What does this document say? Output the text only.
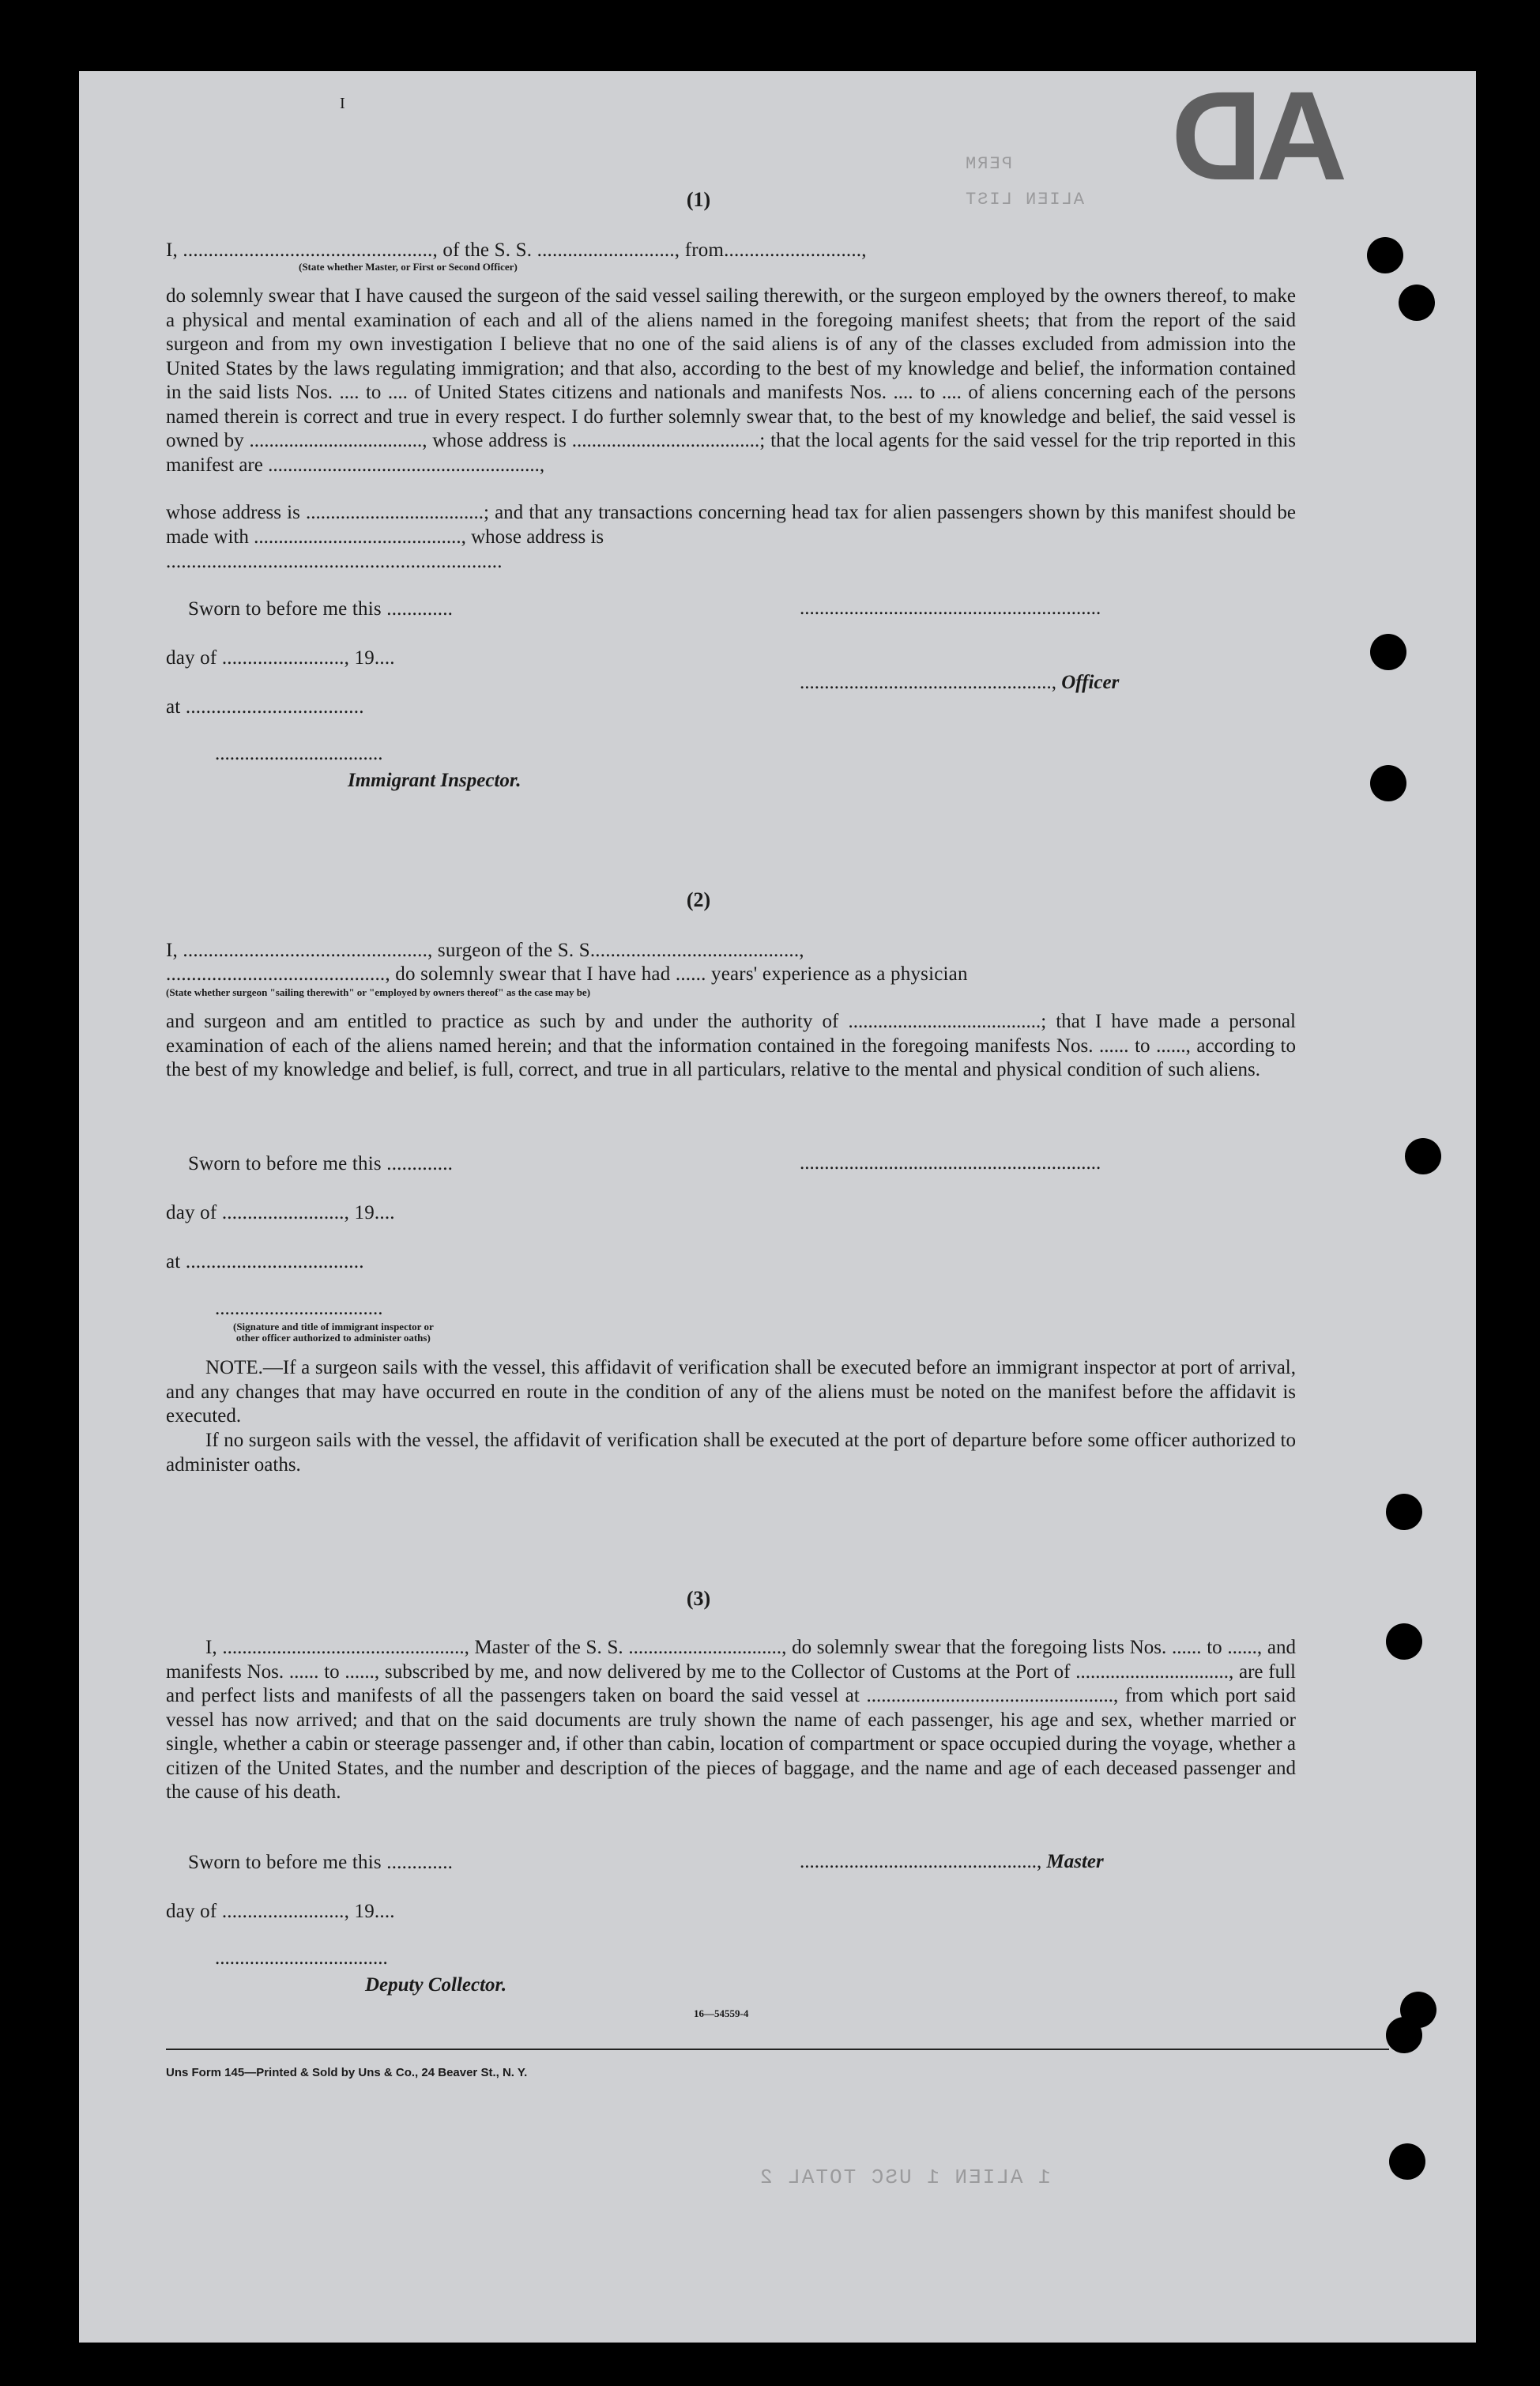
I	AD
PERM
ALIEN LIST
1 ALIEN 1 USC TOTAL 2
(1)
I, ................................................., of the S. S. ..........................., from...........................,
(State whether Master, or First or Second Officer)
do solemnly swear that I have caused the surgeon of the said vessel sailing therewith, or the surgeon employed by the owners thereof, to make a physical and mental examination of each and all of the aliens named in the foregoing manifest sheets; that from the report of the said surgeon and from my own investigation I believe that no one of the said aliens is of any of the classes excluded from admission into the United States by the laws regulating immigration; and that also, according to the best of my knowledge and belief, the information contained in the said lists Nos. .... to .... of United States citizens and nationals and manifests Nos. .... to .... of aliens concerning each of the persons named therein is correct and true in every respect. I do further solemnly swear that, to the best of my knowledge and belief, the said vessel is owned by ..................................., whose address is ......................................; that the local agents for the said vessel for the trip reported in this manifest are .......................................................,
whose address is ....................................; and that any transactions concerning head tax for alien passengers shown by this manifest should be made with .........................................., whose address is
..................................................................
Sworn to before me this .............	.............................................................
day of ........................, 19....
..................................................., Officer
at ...................................
..................................
Immigrant Inspector.
(2)
I, ................................................, surgeon of the S. S.........................................,
..........................................., do solemnly swear that I have had ...... years' experience as a physician
(State whether surgeon "sailing therewith" or "employed by owners thereof" as the case may be)
and surgeon and am entitled to practice as such by and under the authority of .......................................; that I have made a personal examination of each of the aliens named herein; and that the information contained in the foregoing manifests Nos. ...... to ......, according to the best of my knowledge and belief, is full, correct, and true in all particulars, relative to the mental and physical condition of such aliens.
Sworn to before me this .............	.............................................................
day of ........................, 19....
at ...................................
..................................
(Signature and title of immigrant inspector or
other officer authorized to administer oaths)
NOTE.—If a surgeon sails with the vessel, this affidavit of verification shall be executed before an immigrant inspector at port of arrival, and any changes that may have occurred en route in the condition of any of the aliens must be noted on the manifest before the affidavit is executed.
If no surgeon sails with the vessel, the affidavit of verification shall be executed at the port of departure before some officer authorized to administer oaths.
(3)
I, ................................................., Master of the S. S. ..............................., do solemnly swear that the foregoing lists Nos. ...... to ......, and manifests Nos. ...... to ......, subscribed by me, and now delivered by me to the Collector of Customs at the Port of ..............................., are full and perfect lists and manifests of all the passengers taken on board the said vessel at .................................................., from which port said vessel has now arrived; and that on the said documents are truly shown the name of each passenger, his age and sex, whether married or single, whether a cabin or steerage passenger and, if other than cabin, location of compartment or space occupied during the voyage, whether a citizen of the United States, and the number and description of the pieces of baggage, and the name and age of each deceased passenger and the cause of his death.
Sworn to before me this .............	................................................, Master
day of ........................, 19....
...................................
Deputy Collector.
16—54559-4
Uns Form 145—Printed & Sold by Uns & Co., 24 Beaver St., N. Y.
